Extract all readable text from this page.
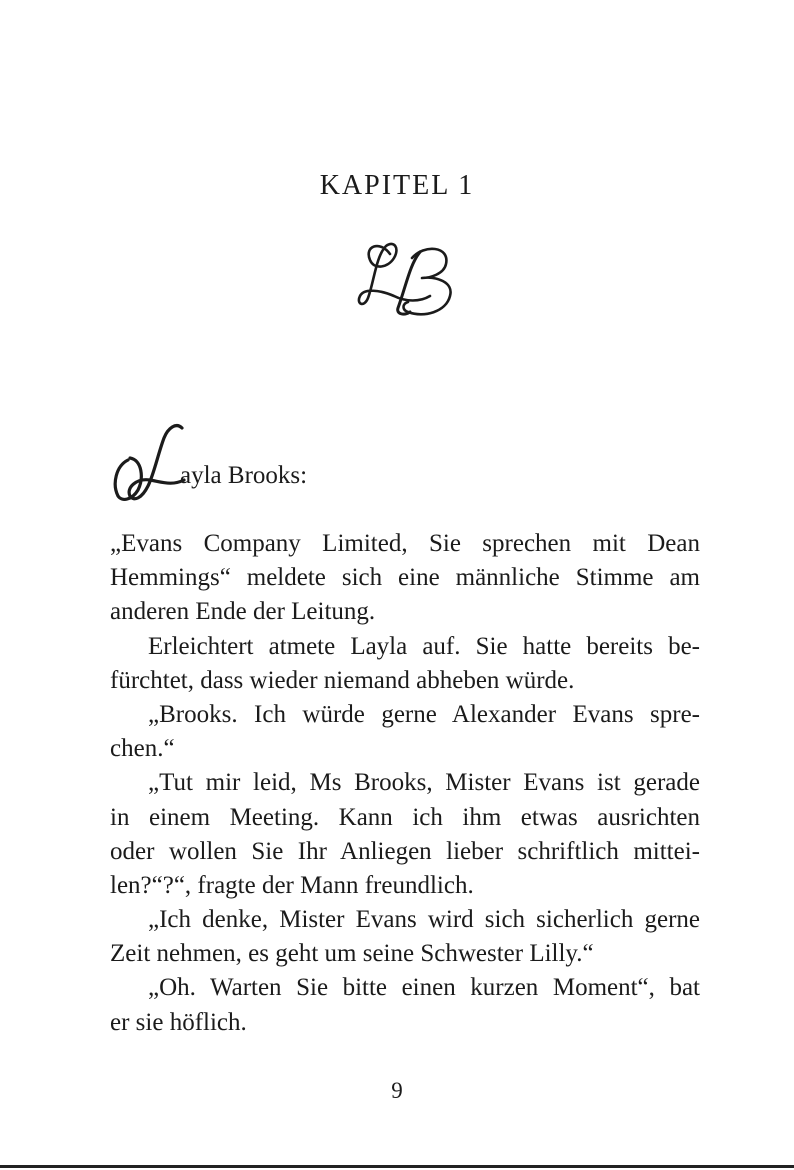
KAPITEL 1
ayla Brooks:
„Evans Company Limited, Sie sprechen mit Dean
Hemmings“ meldete sich eine männliche Stimme am
anderen Ende der Leitung.
Erleichtert atmete Layla auf. Sie hatte bereits be-
fürchtet, dass wieder niemand abheben würde.
„Brooks. Ich würde gerne Alexander Evans spre-
chen.“
„Tut mir leid, Ms Brooks, Mister Evans ist gerade
in einem Meeting. Kann ich ihm etwas ausrichten
oder wollen Sie Ihr Anliegen lieber schriftlich mittei-
len?“?“, fragte der Mann freundlich.
„Ich denke, Mister Evans wird sich sicherlich gerne
Zeit nehmen, es geht um seine Schwester Lilly.“
„Oh. Warten Sie bitte einen kurzen Moment“, bat
er sie höflich.
9
